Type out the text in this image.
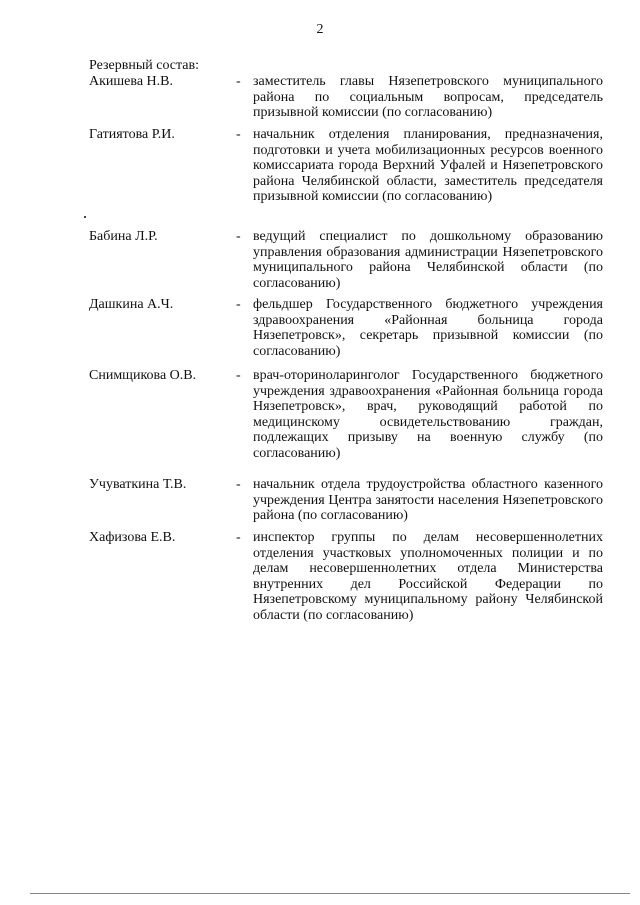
2
Резервный состав:
Акишева Н.В.	- заместитель главы Нязепетровского муниципального района по социальным вопросам, председатель призывной комиссии (по согласованию)
Гатиятова Р.И.	- начальник отделения планирования, предназначения, подготовки и учета мобилизационных ресурсов военного комиссариата города Верхний Уфалей и Нязепетровского района Челябинской области, заместитель председателя призывной комиссии (по согласованию)
Бабина Л.Р.	- ведущий специалист по дошкольному образованию управления образования администрации Нязепетровского муниципального района Челябинской области (по согласованию)
Дашкина А.Ч.	- фельдшер Государственного бюджетного учреждения здравоохранения «Районная больница города Нязепетровск», секретарь призывной комиссии (по согласованию)
Снимщикова О.В.	- врач-оториноларинголог Государственного бюджетного учреждения здравоохранения «Районная больница города Нязепетровск», врач, руководящий работой по медицинскому освидетельствованию граждан, подлежащих призыву на военную службу (по согласованию)
Учуваткина Т.В.	- начальник отдела трудоустройства областного казенного учреждения Центра занятости населения Нязепетровского района (по согласованию)
Хафизова Е.В.	- инспектор группы по делам несовершеннолетних отделения участковых уполномоченных полиции и по делам несовершеннолетних отдела Министерства внутренних дел Российской Федерации по Нязепетровскому муниципальному району Челябинской области (по согласованию)
